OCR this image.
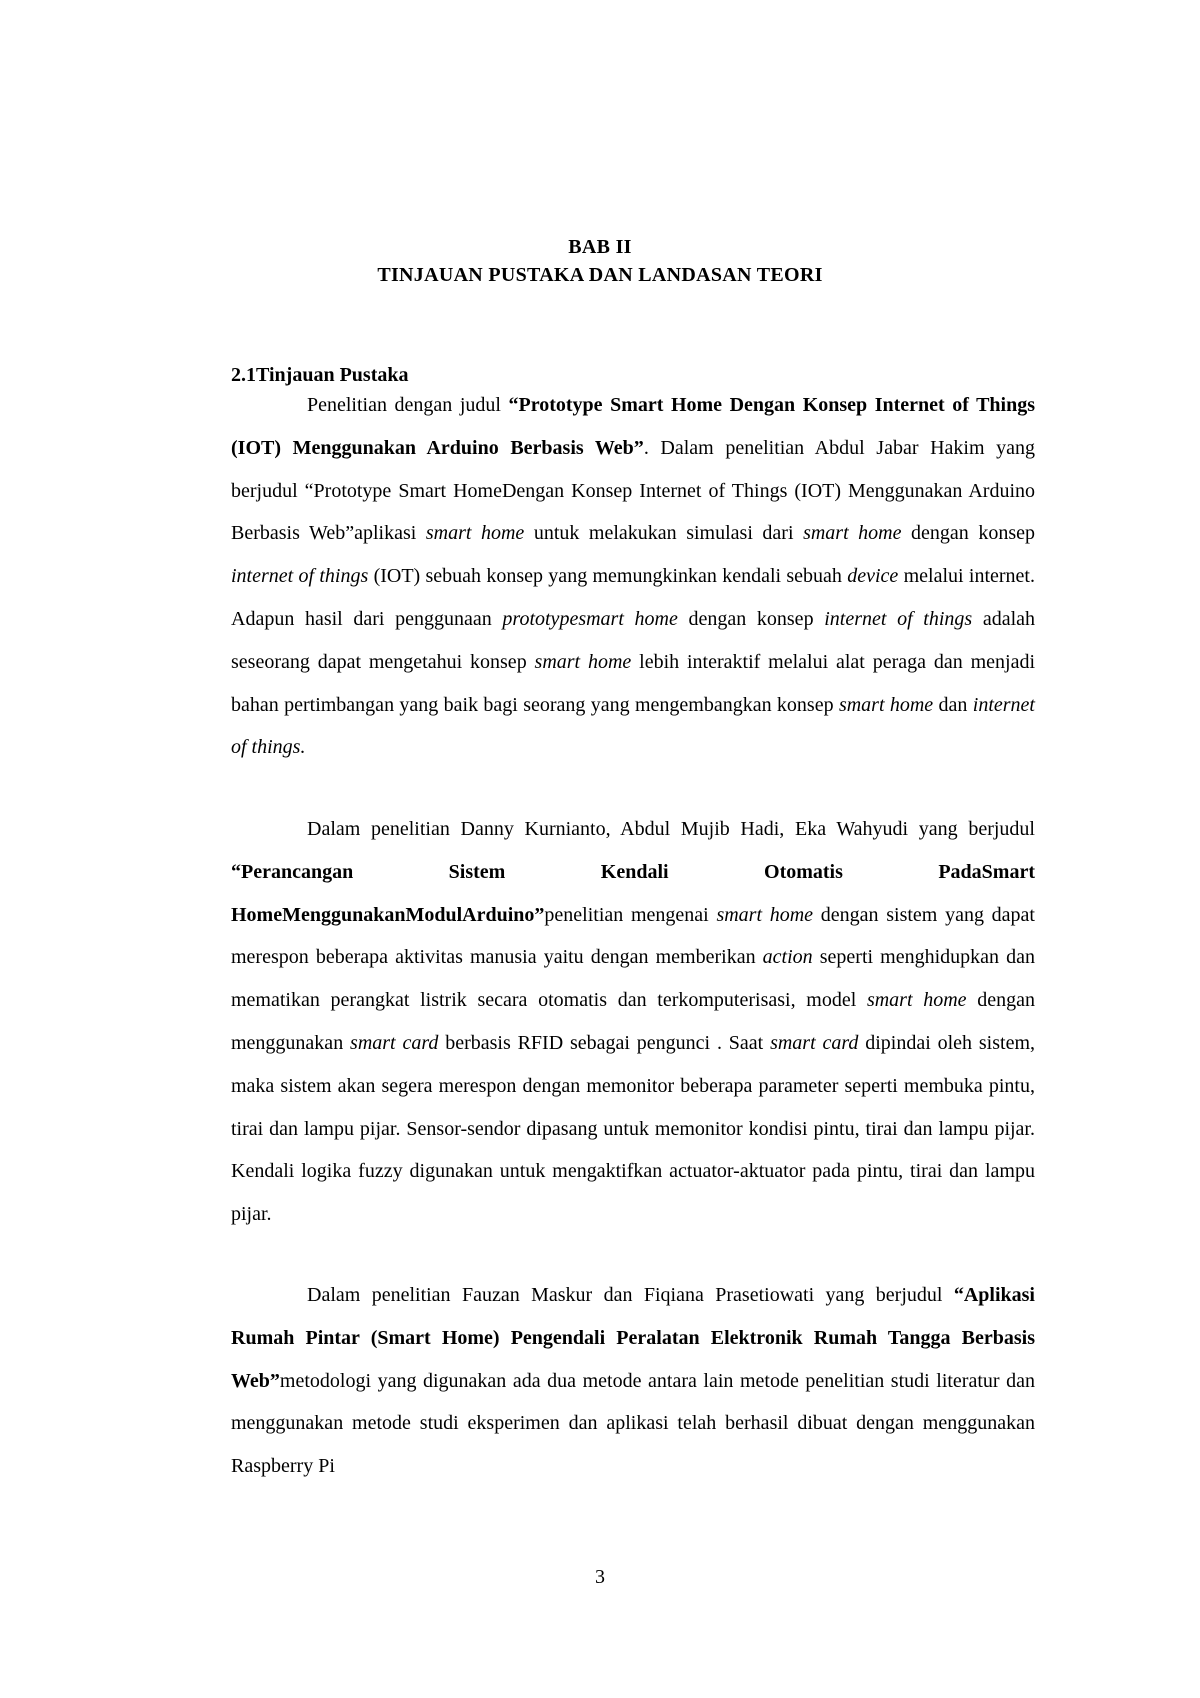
BAB II
TINJAUAN PUSTAKA DAN LANDASAN TEORI
2.1Tinjauan Pustaka

Penelitian dengan judul “Prototype Smart Home Dengan Konsep Internet of Things (IOT) Menggunakan Arduino Berbasis Web”. Dalam penelitian Abdul Jabar Hakim yang berjudul “Prototype Smart HomeDengan Konsep Internet of Things (IOT) Menggunakan Arduino Berbasis Web”aplikasi smart home untuk melakukan simulasi dari smart home dengan konsep internet of things (IOT) sebuah konsep yang memungkinkan kendali sebuah device melalui internet. Adapun hasil dari penggunaan prototypesmart home dengan konsep internet of things adalah seseorang dapat mengetahui konsep smart home lebih interaktif melalui alat peraga dan menjadi bahan pertimbangan yang baik bagi seorang yang mengembangkan konsep smart home dan internet of things.

Dalam penelitian Danny Kurnianto, Abdul Mujib Hadi, Eka Wahyudi yang berjudul “Perancangan Sistem Kendali Otomatis PadaSmart HomeMenggunakanModulArduino”penelitian mengenai smart home dengan sistem yang dapat merespon beberapa aktivitas manusia yaitu dengan memberikan action seperti menghidupkan dan mematikan perangkat listrik secara otomatis dan terkomputerisasi, model smart home dengan menggunakan smart card berbasis RFID sebagai pengunci . Saat smart card dipindai oleh sistem, maka sistem akan segera merespon dengan memonitor beberapa parameter seperti membuka pintu, tirai dan lampu pijar. Sensor-sendor dipasang untuk memonitor kondisi pintu, tirai dan lampu pijar. Kendali logika fuzzy digunakan untuk mengaktifkan actuator-aktuator pada pintu, tirai dan lampu pijar.

Dalam penelitian Fauzan Maskur dan Fiqiana Prasetiowati yang berjudul “Aplikasi Rumah Pintar (Smart Home) Pengendali Peralatan Elektronik Rumah Tangga Berbasis Web”metodologi yang digunakan ada dua metode antara lain metode penelitian studi literatur dan menggunakan metode studi eksperimen dan aplikasi telah berhasil dibuat dengan menggunakan Raspberry Pi

3
